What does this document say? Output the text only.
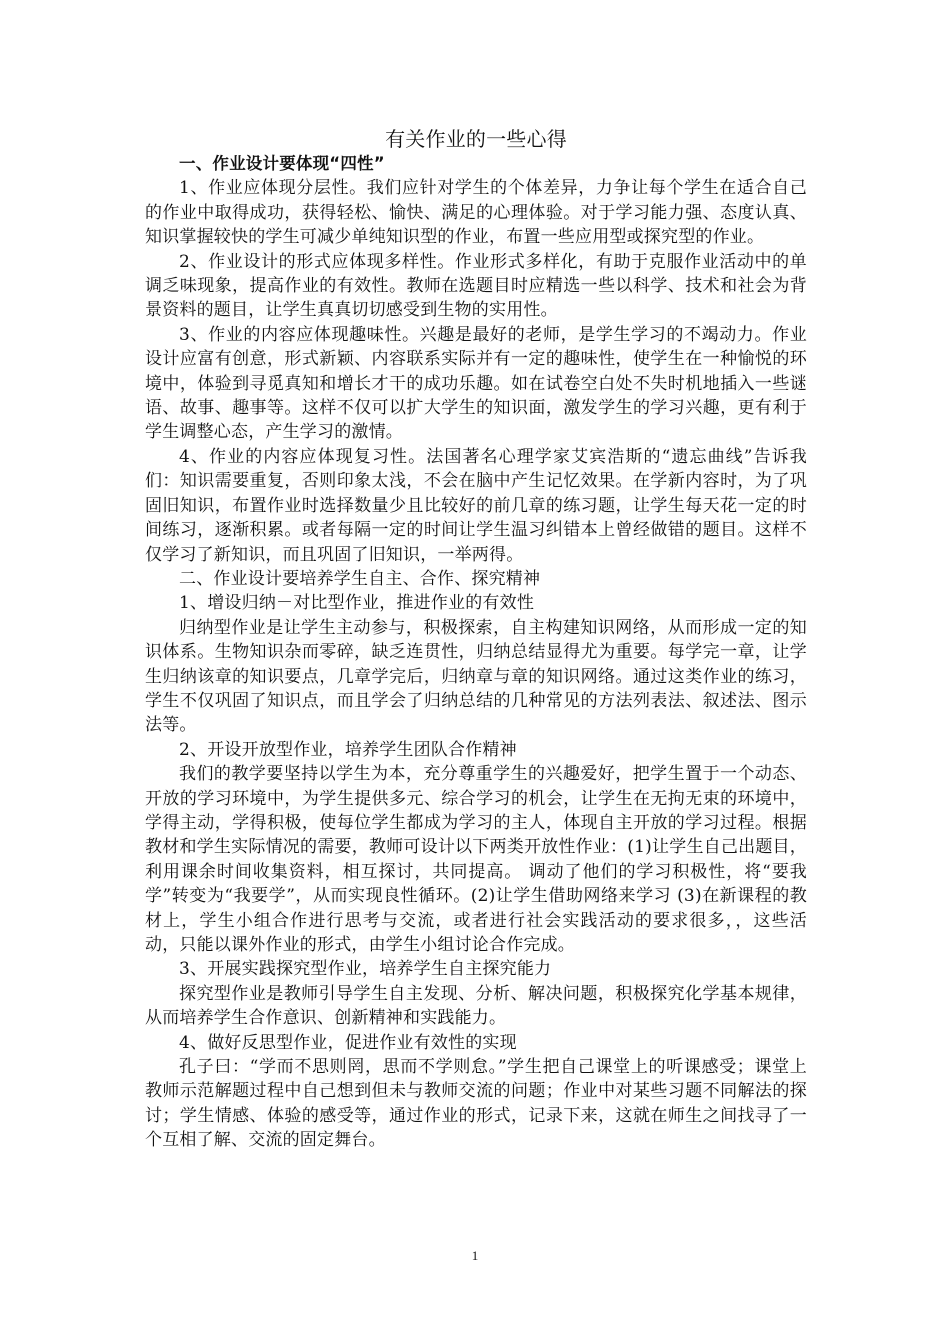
有关作业的一些心得

一、作业设计要体现“四性”

1、作业应体现分层性。我们应针对学生的个体差异，力争让每个学生在适合自己的作业中取得成功，获得轻松、愉快、满足的心理体验。对于学习能力强、态度认真、知识掌握较快的学生可减少单纯知识型的作业，布置一些应用型或探究型的作业。

2、作业设计的形式应体现多样性。作业形式多样化，有助于克服作业活动中的单调乏味现象，提高作业的有效性。教师在选题目时应精选一些以科学、技术和社会为背景资料的题目，让学生真真切切感受到生物的实用性。

3、作业的内容应体现趣味性。兴趣是最好的老师，是学生学习的不竭动力。作业设计应富有创意，形式新颖、内容联系实际并有一定的趣味性，使学生在一种愉悦的环境中，体验到寻觅真知和增长才干的成功乐趣。如在试卷空白处不失时机地插入一些谜语、故事、趣事等。这样不仅可以扩大学生的知识面，激发学生的学习兴趣，更有利于学生调整心态，产生学习的激情。

4、作业的内容应体现复习性。法国著名心理学家艾宾浩斯的“遗忘曲线”告诉我们：知识需要重复，否则印象太浅，不会在脑中产生记忆效果。在学新内容时，为了巩固旧知识，布置作业时选择数量少且比较好的前几章的练习题，让学生每天花一定的时间练习，逐渐积累。或者每隔一定的时间让学生温习纠错本上曾经做错的题目。这样不仅学习了新知识，而且巩固了旧知识，一举两得。

二、作业设计要培养学生自主、合作、探究精神

1、增设归纳－对比型作业，推进作业的有效性

归纳型作业是让学生主动参与，积极探索，自主构建知识网络，从而形成一定的知识体系。生物知识杂而零碎，缺乏连贯性，归纳总结显得尤为重要。每学完一章，让学生归纳该章的知识要点，几章学完后，归纳章与章的知识网络。通过这类作业的练习，学生不仅巩固了知识点，而且学会了归纳总结的几种常见的方法列表法、叙述法、图示法等。

2、开设开放型作业，培养学生团队合作精神

我们的教学要坚持以学生为本，充分尊重学生的兴趣爱好，把学生置于一个动态、开放的学习环境中，为学生提供多元、综合学习的机会，让学生在无拘无束的环境中，学得主动，学得积极，使每位学生都成为学习的主人，体现自主开放的学习过程。根据教材和学生实际情况的需要，教师可设计以下两类开放性作业：(1)让学生自己出题目，利用课余时间收集资料，相互探讨，共同提高。 调动了他们的学习积极性，将“要我学”转变为“我要学”，从而实现良性循环。(2)让学生借助网络来学习 (3)在新课程的教材上，学生小组合作进行思考与交流，或者进行社会实践活动的要求很多，，这些活动，只能以课外作业的形式，由学生小组讨论合作完成。

3、开展实践探究型作业，培养学生自主探究能力

探究型作业是教师引导学生自主发现、分析、解决问题，积极探究化学基本规律，从而培养学生合作意识、创新精神和实践能力。

4、做好反思型作业，促进作业有效性的实现

孔子曰：“学而不思则罔，思而不学则怠。”学生把自己课堂上的听课感受；课堂上教师示范解题过程中自己想到但未与教师交流的问题；作业中对某些习题不同解法的探讨；学生情感、体验的感受等，通过作业的形式，记录下来，这就在师生之间找寻了一个互相了解、交流的固定舞台。

1
